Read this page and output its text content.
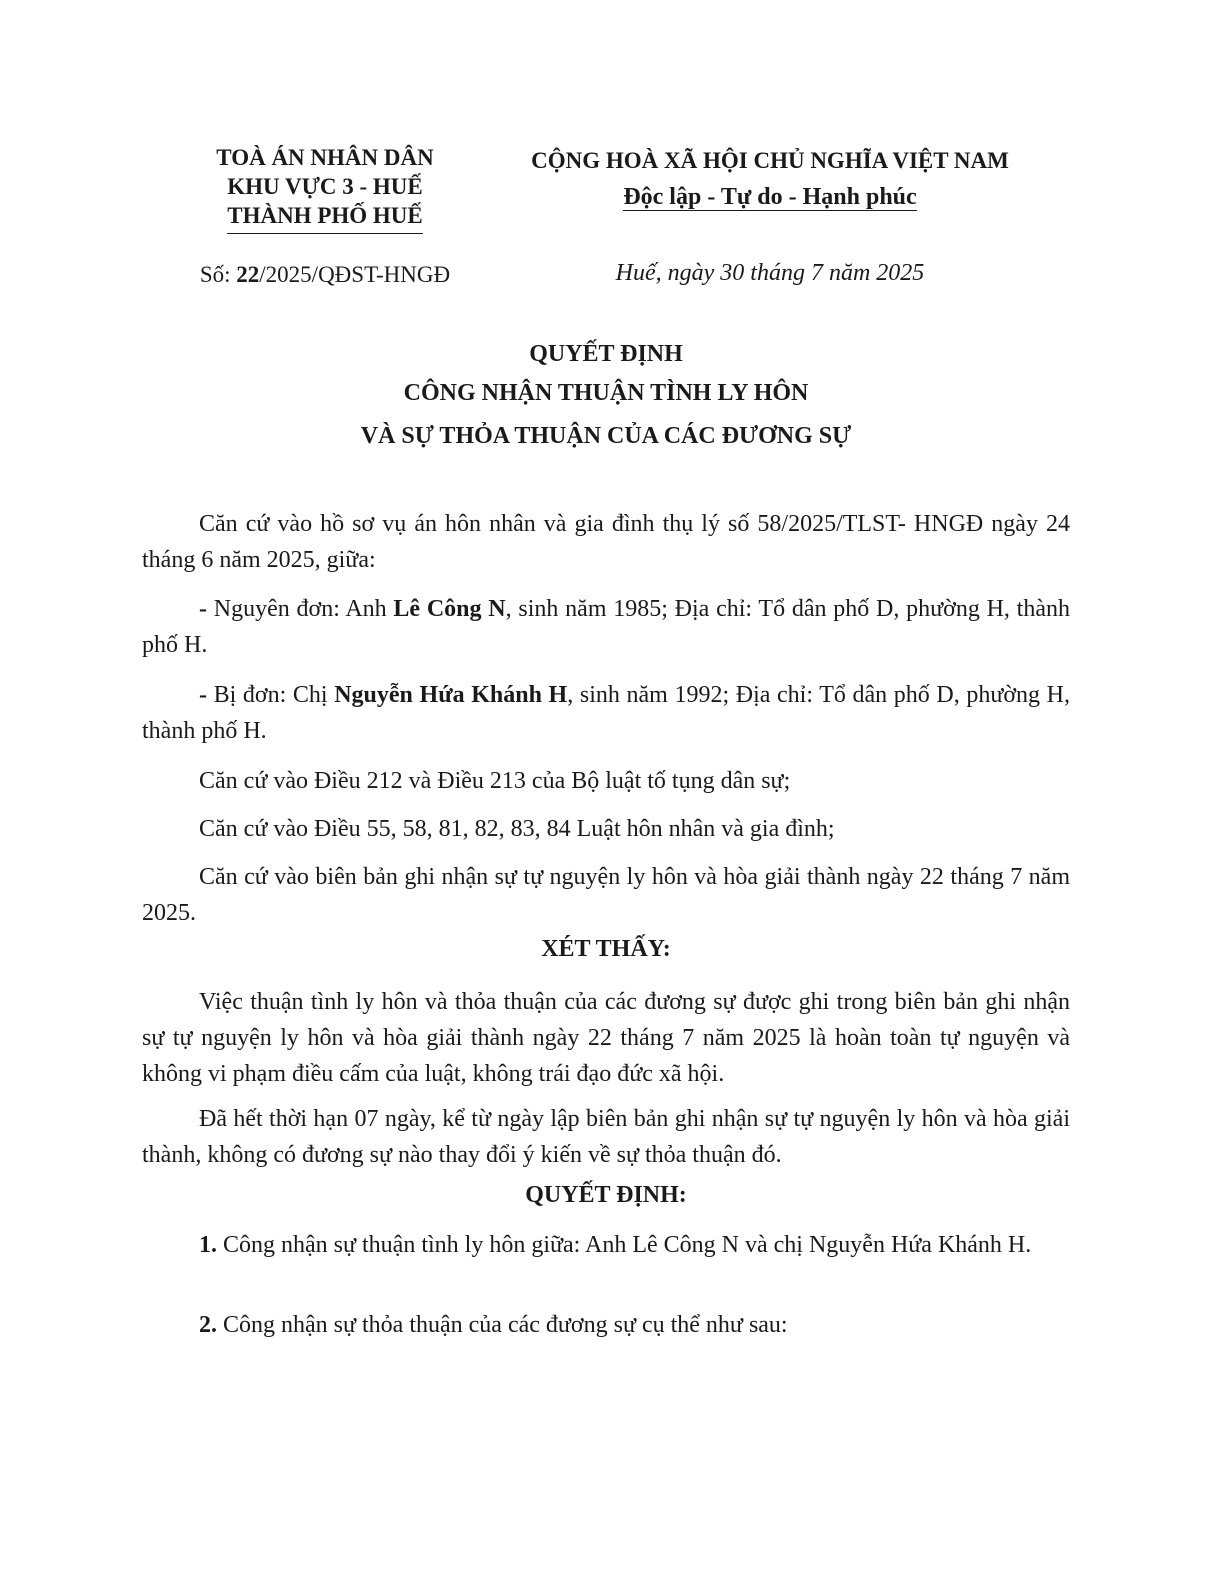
TOÀ ÁN NHÂN DÂN
KHU VỰC 3 - HUẾ
THÀNH PHỐ HUẾ
CỘNG HOÀ XÃ HỘI CHỦ NGHĨA VIỆT NAM
Độc lập - Tự do - Hạnh phúc
Số: 22/2025/QĐST-HNGĐ	Huế, ngày 30 tháng 7 năm 2025
QUYẾT ĐỊNH
CÔNG NHẬN THUẬN TÌNH LY HÔN
VÀ SỰ THỎA THUẬN CỦA CÁC ĐƯƠNG SỰ
Căn cứ vào hồ sơ vụ án hôn nhân và gia đình thụ lý số 58/2025/TLST- HNGĐ ngày 24 tháng 6 năm 2025, giữa:
- Nguyên đơn: Anh Lê Công N, sinh năm 1985; Địa chỉ: Tổ dân phố D, phường H, thành phố H.
- Bị đơn: Chị Nguyễn Hứa Khánh H, sinh năm 1992; Địa chỉ: Tổ dân phố D, phường H, thành phố H.
Căn cứ vào Điều 212 và Điều 213 của Bộ luật tố tụng dân sự;
Căn cứ vào Điều 55, 58, 81, 82, 83, 84 Luật hôn nhân và gia đình;
Căn cứ vào biên bản ghi nhận sự tự nguyện ly hôn và hòa giải thành ngày 22 tháng 7 năm 2025.
XÉT THẤY:
Việc thuận tình ly hôn và thỏa thuận của các đương sự được ghi trong biên bản ghi nhận sự tự nguyện ly hôn và hòa giải thành ngày 22 tháng 7 năm 2025 là hoàn toàn tự nguyện và không vi phạm điều cấm của luật, không trái đạo đức xã hội.
Đã hết thời hạn 07 ngày, kể từ ngày lập biên bản ghi nhận sự tự nguyện ly hôn và hòa giải thành, không có đương sự nào thay đổi ý kiến về sự thỏa thuận đó.
QUYẾT ĐỊNH:
1. Công nhận sự thuận tình ly hôn giữa: Anh Lê Công N và chị Nguyễn Hứa Khánh H.
2. Công nhận sự thỏa thuận của các đương sự cụ thể như sau:
